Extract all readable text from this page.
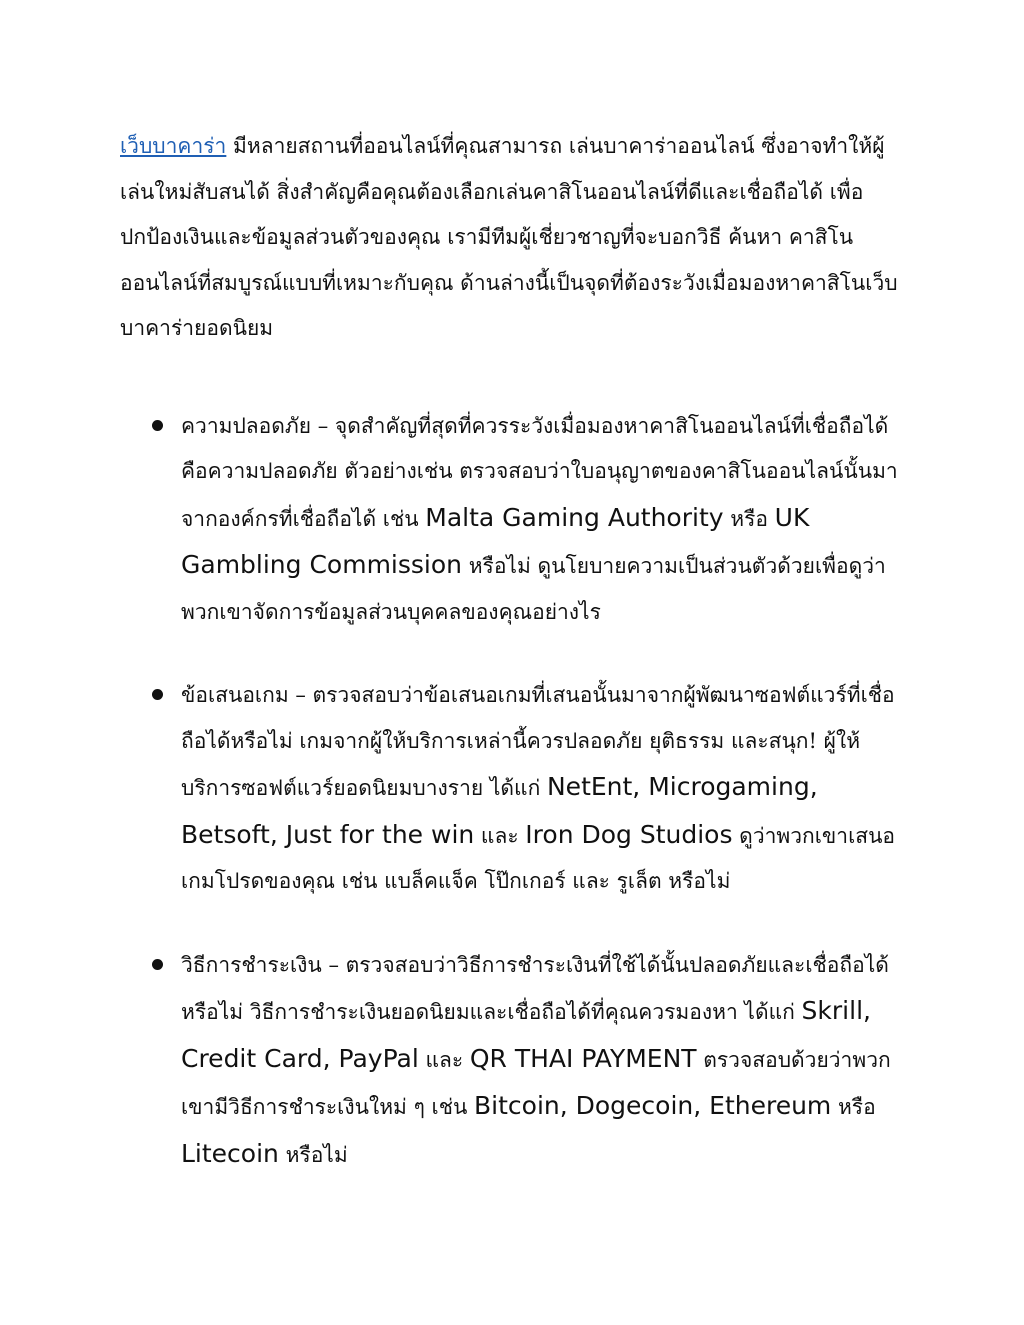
เว็บบาคาร่า มีหลายสถานที่ออนไลน์ที่คุณสามารถ เล่นบาคาร่าออนไลน์ ซึ่งอาจทำให้ผู้เล่นใหม่สับสนได้ สิ่งสำคัญคือคุณต้องเลือกเล่นคาสิโนออนไลน์ที่ดีและเชื่อถือได้ เพื่อปกป้องเงินและข้อมูลส่วนตัวของคุณ เรามีทีมผู้เชี่ยวชาญที่จะบอกวิธี ค้นหา คาสิโนออนไลน์ที่สมบูรณ์แบบที่เหมาะกับคุณ ด้านล่างนี้เป็นจุดที่ต้องระวังเมื่อมองหาคาสิโนเว็บบาคาร่ายอดนิยม

ความปลอดภัย – จุดสำคัญที่สุดที่ควรระวังเมื่อมองหาคาสิโนออนไลน์ที่เชื่อถือได้ คือความปลอดภัย ตัวอย่างเช่น ตรวจสอบว่าใบอนุญาตของคาสิโนออนไลน์นั้นมาจากองค์กรที่เชื่อถือได้ เช่น Malta Gaming Authority หรือ UK Gambling Commission หรือไม่ ดูนโยบายความเป็นส่วนตัวด้วยเพื่อดูว่าพวกเขาจัดการข้อมูลส่วนบุคคลของคุณอย่างไร
ข้อเสนอเกม – ตรวจสอบว่าข้อเสนอเกมที่เสนอนั้นมาจากผู้พัฒนาซอฟต์แวร์ที่เชื่อถือได้หรือไม่ เกมจากผู้ให้บริการเหล่านี้ควรปลอดภัย ยุติธรรม และสนุก! ผู้ให้บริการซอฟต์แวร์ยอดนิยมบางราย ได้แก่ NetEnt, Microgaming, Betsoft, Just for the win และ Iron Dog Studios ดูว่าพวกเขาเสนอเกมโปรดของคุณ เช่น แบล็คแจ็ค โป๊กเกอร์ และ รูเล็ต หรือไม่
วิธีการชำระเงิน – ตรวจสอบว่าวิธีการชำระเงินที่ใช้ได้นั้นปลอดภัยและเชื่อถือได้หรือไม่ วิธีการชำระเงินยอดนิยมและเชื่อถือได้ที่คุณควรมองหา ได้แก่ Skrill, Credit Card, PayPal และ QR THAI PAYMENT ตรวจสอบด้วยว่าพวกเขามีวิธีการชำระเงินใหม่ ๆ เช่น Bitcoin, Dogecoin, Ethereum หรือ Litecoin หรือไม่
